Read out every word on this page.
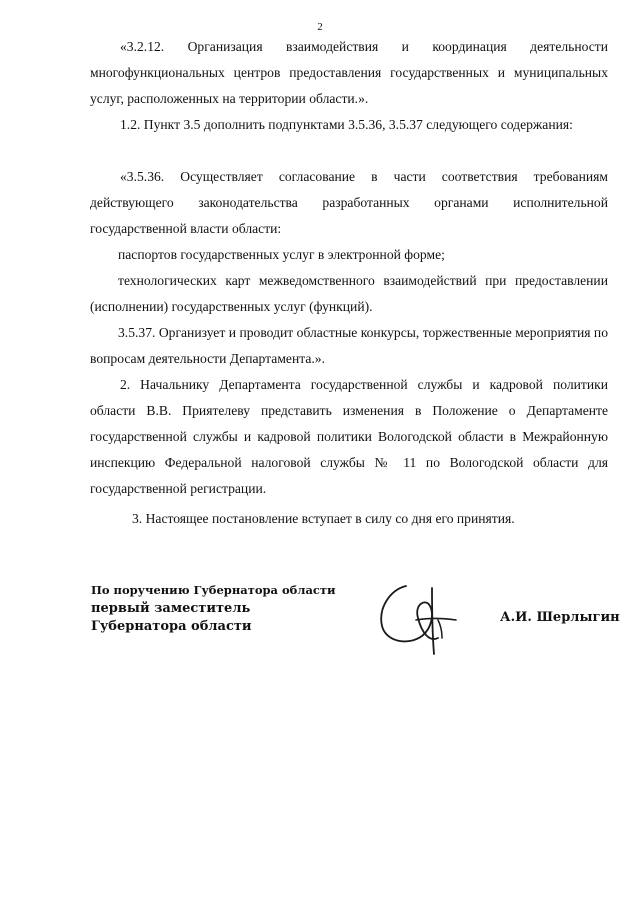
2

«3.2.12. Организация взаимодействия и координация деятельности многофункциональных центров предоставления государственных и муниципальных услуг, расположенных на территории области.».

1.2. Пункт 3.5 дополнить подпунктами 3.5.36, 3.5.37 следующего содержания:

«3.5.36. Осуществляет согласование в части соответствия требованиям действующего законодательства разработанных органами исполнительной государственной власти области:

паспортов государственных услуг в электронной форме;

технологических карт межведомственного взаимодействий при предоставлении (исполнении) государственных услуг (функций).

3.5.37. Организует и проводит областные конкурсы, торжественные мероприятия по вопросам деятельности Департамента.».

2. Начальнику Департамента государственной службы и кадровой политики области В.В. Приятелеву представить изменения в Положение о Департаменте государственной службы и кадровой политики Вологодской области в Межрайонную инспекцию Федеральной налоговой службы № 11 по Вологодской области для государственной регистрации.

3. Настоящее постановление вступает в силу со дня его принятия.

По поручению Губернатора области

первый заместитель

Губернатора области

А.И. Шерлыгин
